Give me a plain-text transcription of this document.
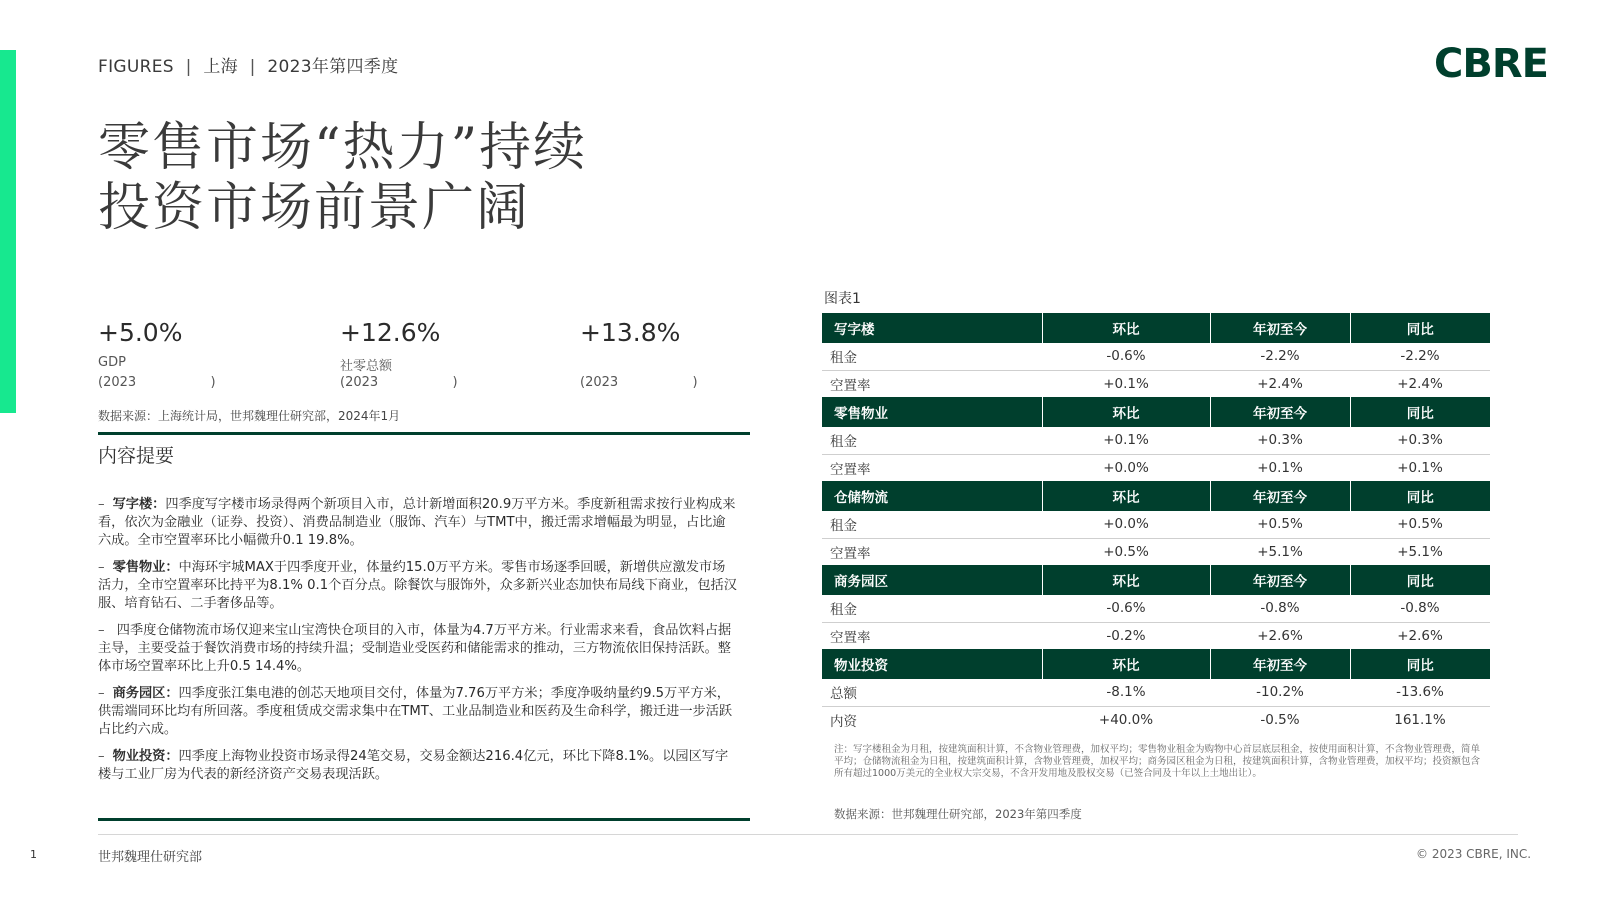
FIGURES | 上海 | 2023年第四季度	CBRE
零售市场“热力”持续
投资市场前景广阔
+5.0%
GDP
(2023                  )
+12.6%
社零总额
(2023                  )
+13.8%
(2023                  )
数据来源：上海统计局，世邦魏理仕研究部，2024年1月
内容提要
– 写字楼：四季度写字楼市场录得两个新项目入市，总计新增面积20.9万平方米。季度新租需求按行业构成来看，依次为金融业（证券、投资）、消费品制造业（服饰、汽车）与TMT中，搬迁需求增幅最为明显，占比逾六成。全市空置率环比小幅微升0.1 19.8%。
– 零售物业：中海环宇城MAX于四季度开业，体量约15.0万平方米。零售市场逐季回暖，新增供应激发市场活力，全市空置率环比持平为8.1% 0.1个百分点。除餐饮与服饰外，众多新兴业态加快布局线下商业，包括汉服、培育钻石、二手奢侈品等。
– 四季度仓储物流市场仅迎来宝山宝湾快仓项目的入市，体量为4.7万平方米。行业需求来看，食品饮料占据主导，主要受益于餐饮消费市场的持续升温；受制造业受医药和储能需求的推动，三方物流依旧保持活跃。整体市场空置率环比上升0.5 14.4%。
– 商务园区：四季度张江集电港的创芯天地项目交付，体量为7.76万平方米；季度净吸纳量约9.5万平方米，供需端同环比均有所回落。季度租赁成交需求集中在TMT、工业品制造业和医药及生命科学，搬迁进一步活跃占比约六成。
– 物业投资：四季度上海物业投资市场录得24笔交易，交易金额达216.4亿元，环比下降8.1%。以园区写字楼与工业厂房为代表的新经济资产交易表现活跃。
图表1
写字楼	环比	年初至今	同比
租金	-0.6%	-2.2%	-2.2%
空置率	+0.1%	+2.4%	+2.4%
零售物业	环比	年初至今	同比
租金	+0.1%	+0.3%	+0.3%
空置率	+0.0%	+0.1%	+0.1%
仓储物流	环比	年初至今	同比
租金	+0.0%	+0.5%	+0.5%
空置率	+0.5%	+5.1%	+5.1%
商务园区	环比	年初至今	同比
租金	-0.6%	-0.8%	-0.8%
空置率	-0.2%	+2.6%	+2.6%
物业投资	环比	年初至今	同比
总额	-8.1%	-10.2%	-13.6%
内资	+40.0%	-0.5%	161.1%
注：写字楼租金为月租，按建筑面积计算，不含物业管理费，加权平均；零售物业租金为购物中心首层底层租金，按使用面积计算，不含物业管理费，简单平均；仓储物流租金为日租，按建筑面积计算，含物业管理费，加权平均；商务园区租金为日租，按建筑面积计算，含物业管理费，加权平均；投资额包含所有超过1000万美元的全业权大宗交易，不含开发用地及股权交易（已签合同及十年以上土地出让）。
数据来源：世邦魏理仕研究部，2023年第四季度
1	世邦魏理仕研究部	© 2023 CBRE, INC.
